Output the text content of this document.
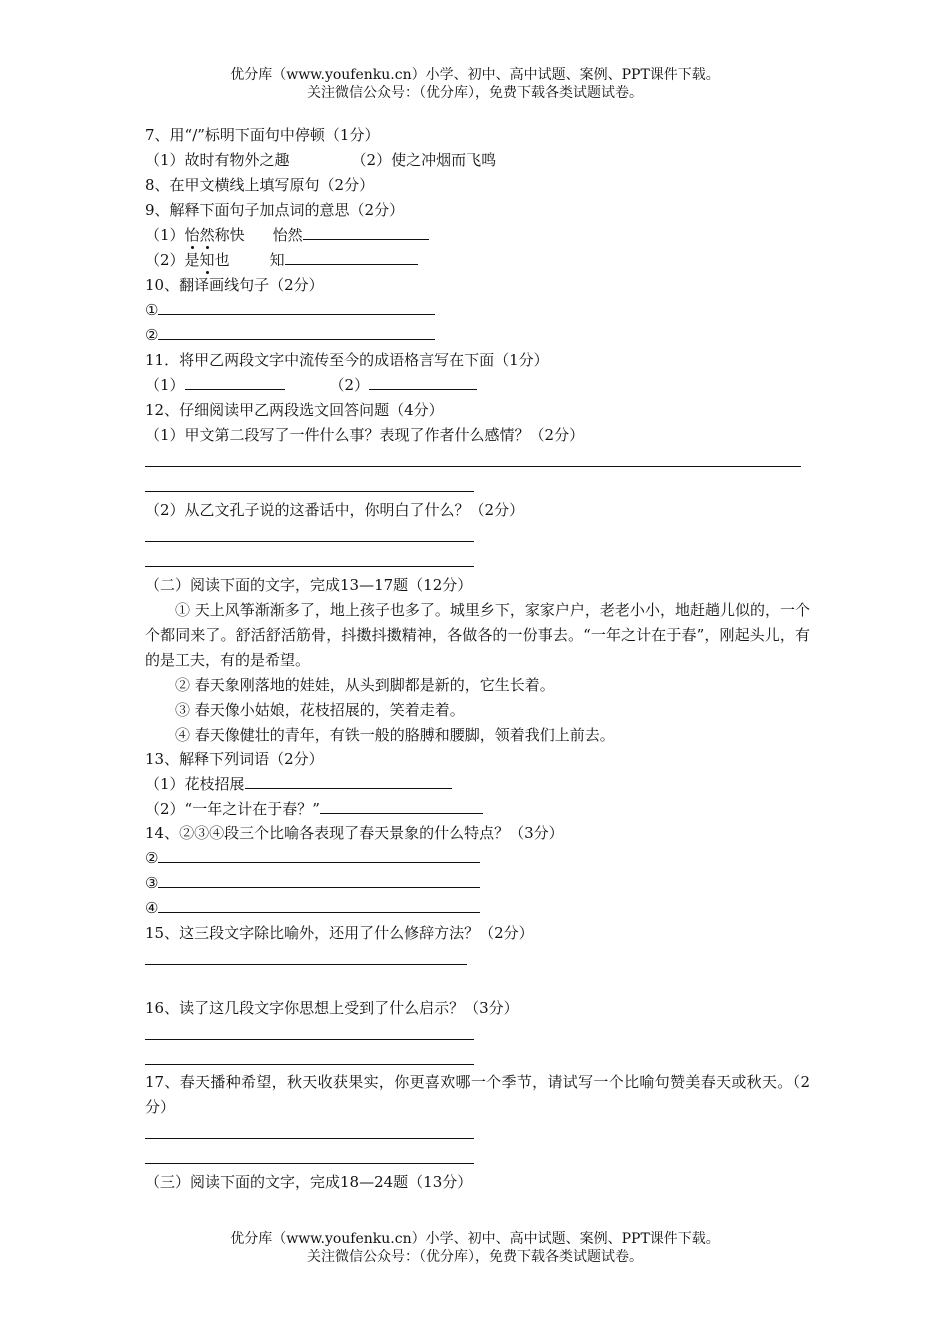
优分库（www.youfenku.cn）小学、初中、高中试题、案例、PPT课件下载。
关注微信公众号：（优分库），免费下载各类试题试卷。
7、用“/”标明下面句中停顿（1分）
（1）故时有物外之趣	（2）使之冲烟而飞鸣
8、在甲文横线上填写原句（2分）
9、解释下面句子加点词的意思（2分）
（1）怡然称快 怡然
（2）是知也	知
10、翻译画线句子（2分）
①
②
11．将甲乙两段文字中流传至今的成语格言写在下面（1分）
（1）	（2）
12、仔细阅读甲乙两段选文回答问题（4分）
（1）甲文第二段写了一件什么事？表现了作者什么感情？（2分）
（2）从乙文孔子说的这番话中，你明白了什么？（2分）
（二）阅读下面的文字，完成13—17题（12分）
① 天上风筝渐渐多了，地上孩子也多了。城里乡下，家家户户，老老小小，地赶趟儿似的，一个个都同来了。舒活舒活筋骨，抖擞抖擞精神，各做各的一份事去。“一年之计在于春”，刚起头儿，有的是工夫，有的是希望。
② 春天象刚落地的娃娃，从头到脚都是新的，它生长着。
③ 春天像小姑娘，花枝招展的，笑着走着。
④ 春天像健壮的青年，有铁一般的胳膊和腰脚，领着我们上前去。
13、解释下列词语（2分）
（1）花枝招展
（2）“一年之计在于春？”
14、②③④段三个比喻各表现了春天景象的什么特点？（3分）
②
③
④
15、这三段文字除比喻外，还用了什么修辞方法？（2分）
16、读了这几段文字你思想上受到了什么启示？（3分）
17、春天播种希望，秋天收获果实，你更喜欢哪一个季节，请试写一个比喻句赞美春天或秋天。（2分）
（三）阅读下面的文字，完成18—24题（13分）
优分库（www.youfenku.cn）小学、初中、高中试题、案例、PPT课件下载。
关注微信公众号：（优分库），免费下载各类试题试卷。
